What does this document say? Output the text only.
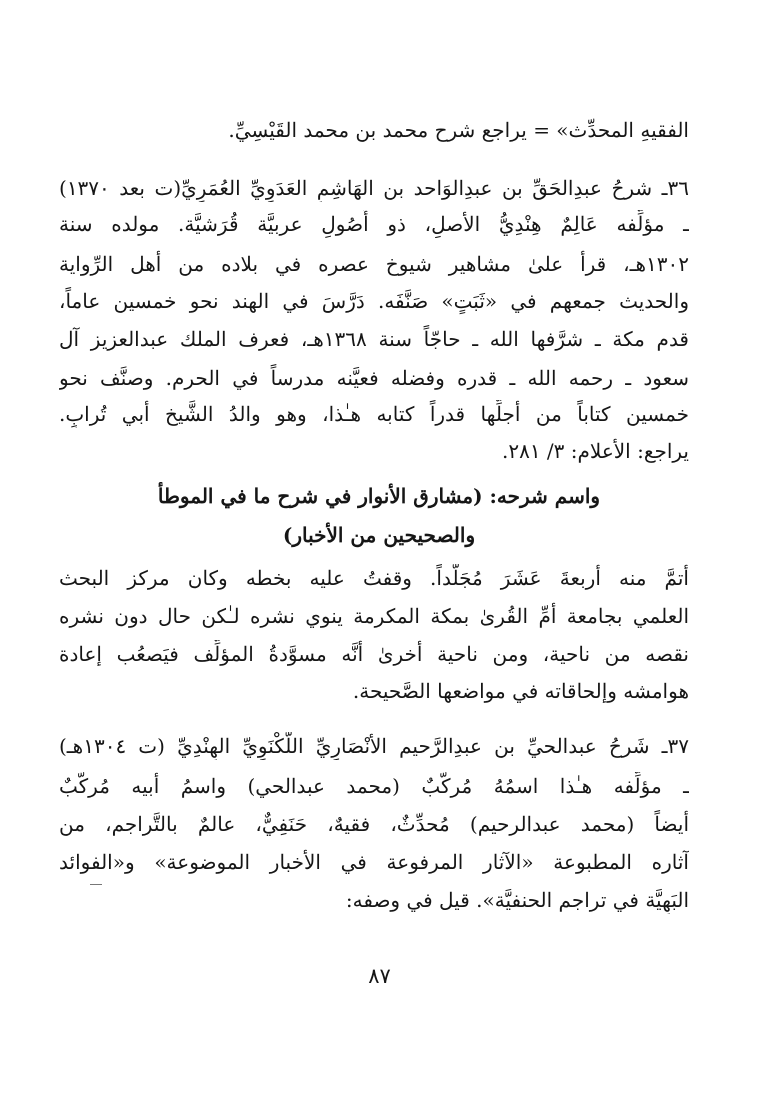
الفقيهِ المحدِّث» = يراجع شرح محمد بن محمد القَيْسِيِّ.
٣٦ـ شرحُ عبدِالحَقِّ بن عبدِالوَاحد بن الهَاشِمِ العَدَوِيِّ العُمَرِيِّ(ت بعد ١٣٧٠)
ـ مؤلِّفه عَالِمٌ هِنْدِيُّ الأصلِ، ذو أُصُولٍ عربيَّة قُرَشيَّة. مولده سنة
١٣٠٢هـ، قرأ علىٰ مشاهير شيوخ عصره في بلاده من أهل الرِّواية
والحديث جمعهم في «ثَبَتٍ» صَنَّفَه. دَرَّسَ في الهند نحو خمسين عاماً،
قدم مكة ـ شرَّفها الله ـ حاجّاً سنة ١٣٦٨هـ، فعرف الملك عبدالعزيز آل
سعود ـ رحمه الله ـ قدره وفضله فعيَّنه مدرساً في الحرم. وصنَّف نحو
خمسين كتاباً من أجلِّها قدراً كتابه هـٰذا، وهو والدُ الشَّيخ أبي تُرابٍ.
يراجع: الأعلام: ٣/ ٢٨١.
واسم شرحه: (مشارق الأنوار في شرح ما في الموطأ
والصحيحين من الأخبار)
أتمَّ منه أربعةَ عَشَرَ مُجَلَّداً. وقفتُ عليه بخطه وكان مركز البحث
العلمي بجامعة أمِّ القُرىٰ بمكة المكرمة ينوي نشره لـٰكن حال دون نشره
نقصه من ناحية، ومن ناحية أخرىٰ أنَّه مسوَّدةُ المؤلِّف فيَصعُب إعادة
هوامشه وإلحاقاته في مواضعها الصَّحيحة.
٣٧ـ شَرحُ عبدالحيِّ بن عبدِالرَّحيم الأنْصَارِيِّ اللَّكْنَوِيِّ الهِنْدِيِّ (ت ١٣٠٤هـ)
ـ مؤلِّفه هـٰذا اسمُهُ مُركَّبٌ (محمد عبدالحي) واسمُ أبيه مُركَّبٌ
أيضاً (محمد عبدالرحيم) مُحدِّثٌ، فقيهٌ، حَنَفِيٌّ، عالمٌ بالتَّراجم، من
آثاره المطبوعة «الآثار المرفوعة في الأخبار الموضوعة» و«الفوائد
البَهِيَّة في تراجم الحنفيَّة». قيل في وصفه:
٨٧
